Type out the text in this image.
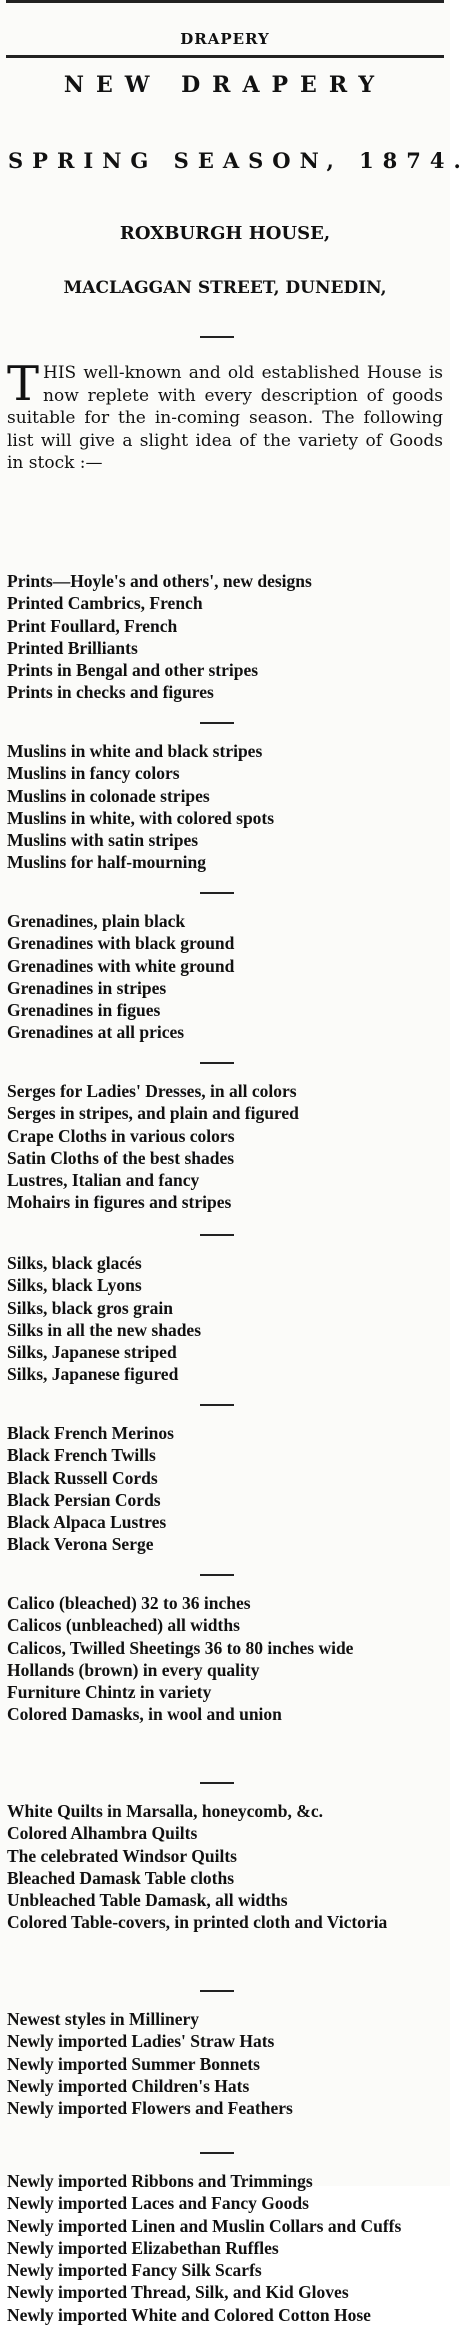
DRAPERY
NEW DRAPERY
SPRING SEASON, 1874.
ROXBURGH HOUSE,
MACLAGGAN STREET, DUNEDIN,
THIS well-known and old established House is now replete with every description of goods suitable for the in-coming season. The following list will give a slight idea of the variety of Goods in stock :—
Prints—Hoyle's and others', new designs
Printed Cambrics, French
Print Foullard, French
Printed Brilliants
Prints in Bengal and other stripes
Prints in checks and figures
Muslins in white and black stripes
Muslins in fancy colors
Muslins in colonade stripes
Muslins in white, with colored spots
Muslins with satin stripes
Muslins for half-mourning
Grenadines, plain black
Grenadines with black ground
Grenadines with white ground
Grenadines in stripes
Grenadines in figues
Grenadines at all prices
Serges for Ladies' Dresses, in all colors
Serges in stripes, and plain and figured
Crape Cloths in various colors
Satin Cloths of the best shades
Lustres, Italian and fancy
Mohairs in figures and stripes
Silks, black glacés
Silks, black Lyons
Silks, black gros grain
Silks in all the new shades
Silks, Japanese striped
Silks, Japanese figured
Black French Merinos
Black French Twills
Black Russell Cords
Black Persian Cords
Black Alpaca Lustres
Black Verona Serge
Calico (bleached) 32 to 36 inches
Calicos (unbleached) all widths
Calicos, Twilled Sheetings 36 to 80 inches wide
Hollands (brown) in every quality
Furniture Chintz in variety
Colored Damasks, in wool and union
White Quilts in Marsalla, honeycomb, &c.
Colored Alhambra Quilts
The celebrated Windsor Quilts
Bleached Damask Table cloths
Unbleached Table Damask, all widths
Colored Table-covers, in printed cloth and Victoria
Newest styles in Millinery
Newly imported Ladies' Straw Hats
Newly imported Summer Bonnets
Newly imported Children's Hats
Newly imported Flowers and Feathers
Newly imported Ribbons and Trimmings
Newly imported Laces and Fancy Goods
Newly imported Linen and Muslin Collars and Cuffs
Newly imported Elizabethan Ruffles
Newly imported Fancy Silk Scarfs
Newly imported Thread, Silk, and Kid Gloves
Newly imported White and Colored Cotton Hose
